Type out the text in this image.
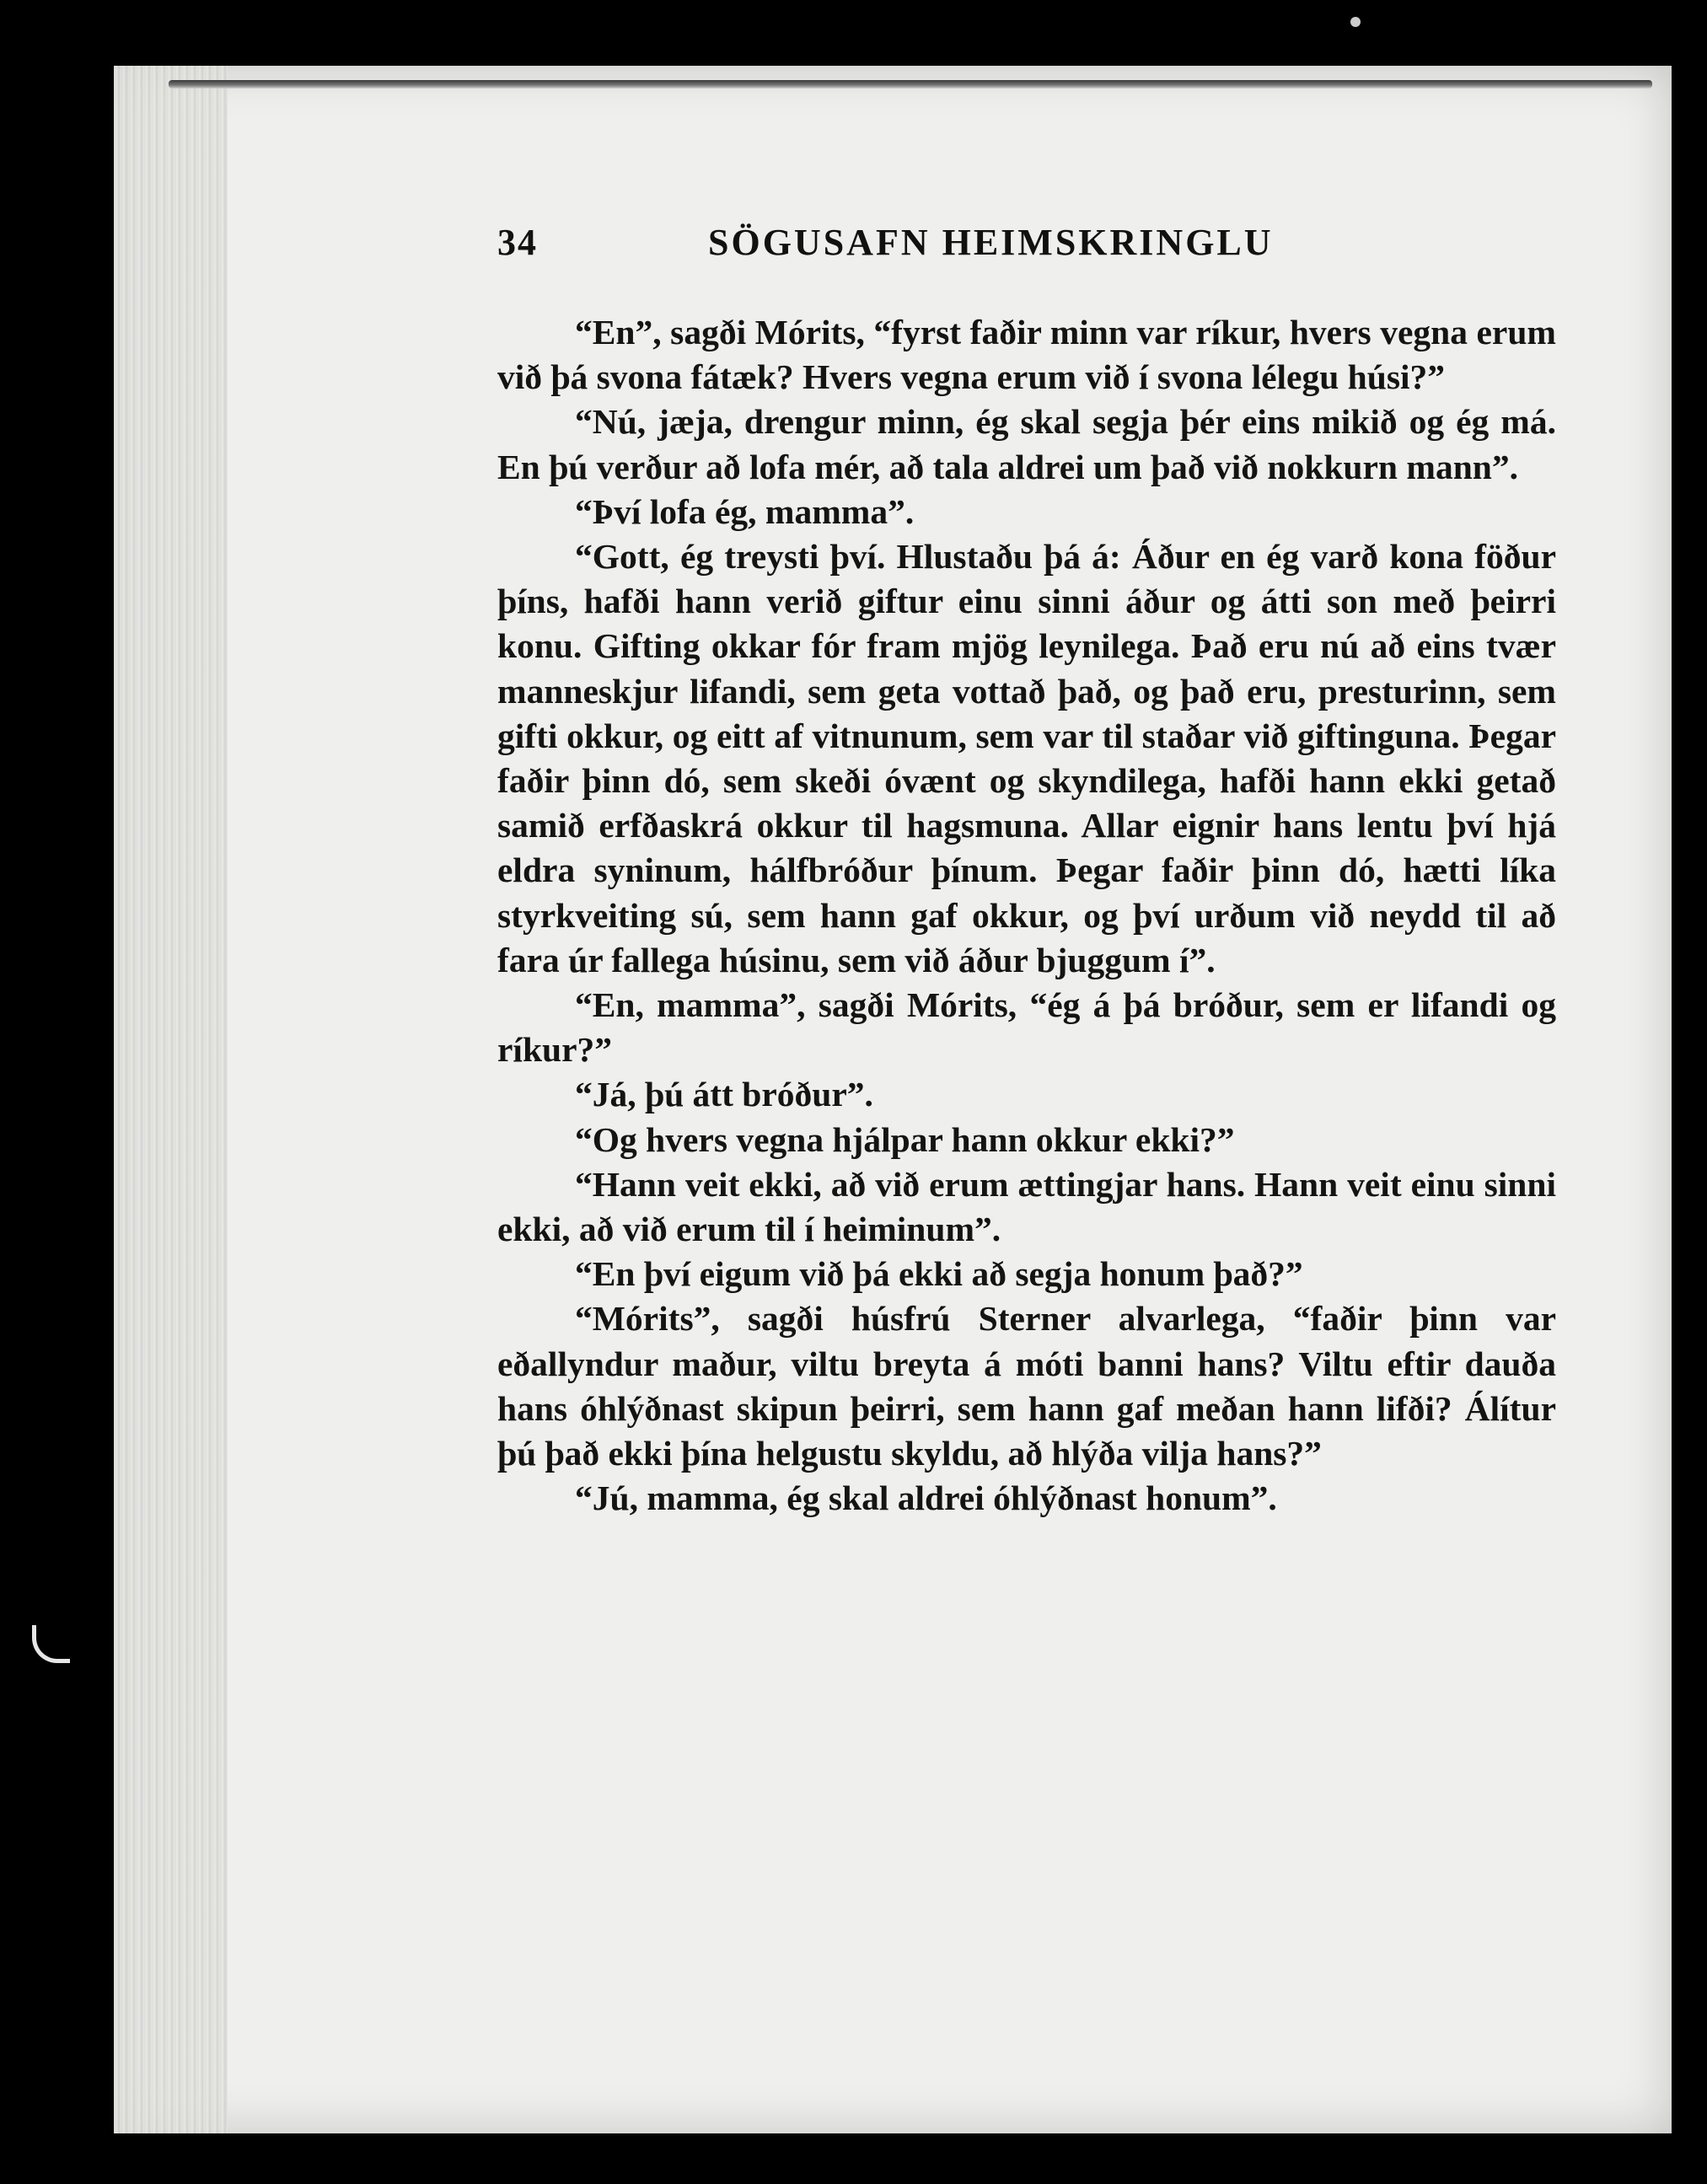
34	SÖGUSAFN HEIMSKRINGLU

“En”, sagði Mórits, “fyrst faðir minn var ríkur, hvers vegna erum við þá svona fátæk? Hvers vegna erum við í svona lélegu húsi?”

“Nú, jæja, drengur minn, ég skal segja þér eins mikið og ég má. En þú verður að lofa mér, að tala aldrei um það við nokkurn mann”.

“Því lofa ég, mamma”.

“Gott, ég treysti því. Hlustaðu þá á: Áður en ég varð kona föður þíns, hafði hann verið giftur einu sinni áður og átti son með þeirri konu. Gifting okkar fór fram mjög leynilega. Það eru nú að eins tvær manneskjur lifandi, sem geta vottað það, og það eru, presturinn, sem gifti okkur, og eitt af vitnunum, sem var til staðar við giftinguna. Þegar faðir þinn dó, sem skeði óvænt og skyndilega, hafði hann ekki getað samið erfðaskrá okkur til hagsmuna. Allar eignir hans lentu því hjá eldra syninum, hálfbróður þínum. Þegar faðir þinn dó, hætti líka styrkveiting sú, sem hann gaf okkur, og því urðum við neydd til að fara úr fallega húsinu, sem við áður bjuggum í”.

“En, mamma”, sagði Mórits, “ég á þá bróður, sem er lifandi og ríkur?”

“Já, þú átt bróður”.

“Og hvers vegna hjálpar hann okkur ekki?”

“Hann veit ekki, að við erum ættingjar hans. Hann veit einu sinni ekki, að við erum til í heiminum”.

“En því eigum við þá ekki að segja honum það?”

“Mórits”, sagði húsfrú Sterner alvarlega, “faðir þinn var eðallyndur maður, viltu breyta á móti banni hans? Viltu eftir dauða hans óhlýðnast skipun þeirri, sem hann gaf meðan hann lifði? Álítur þú það ekki þína helgustu skyldu, að hlýða vilja hans?”

“Jú, mamma, ég skal aldrei óhlýðnast honum”.
